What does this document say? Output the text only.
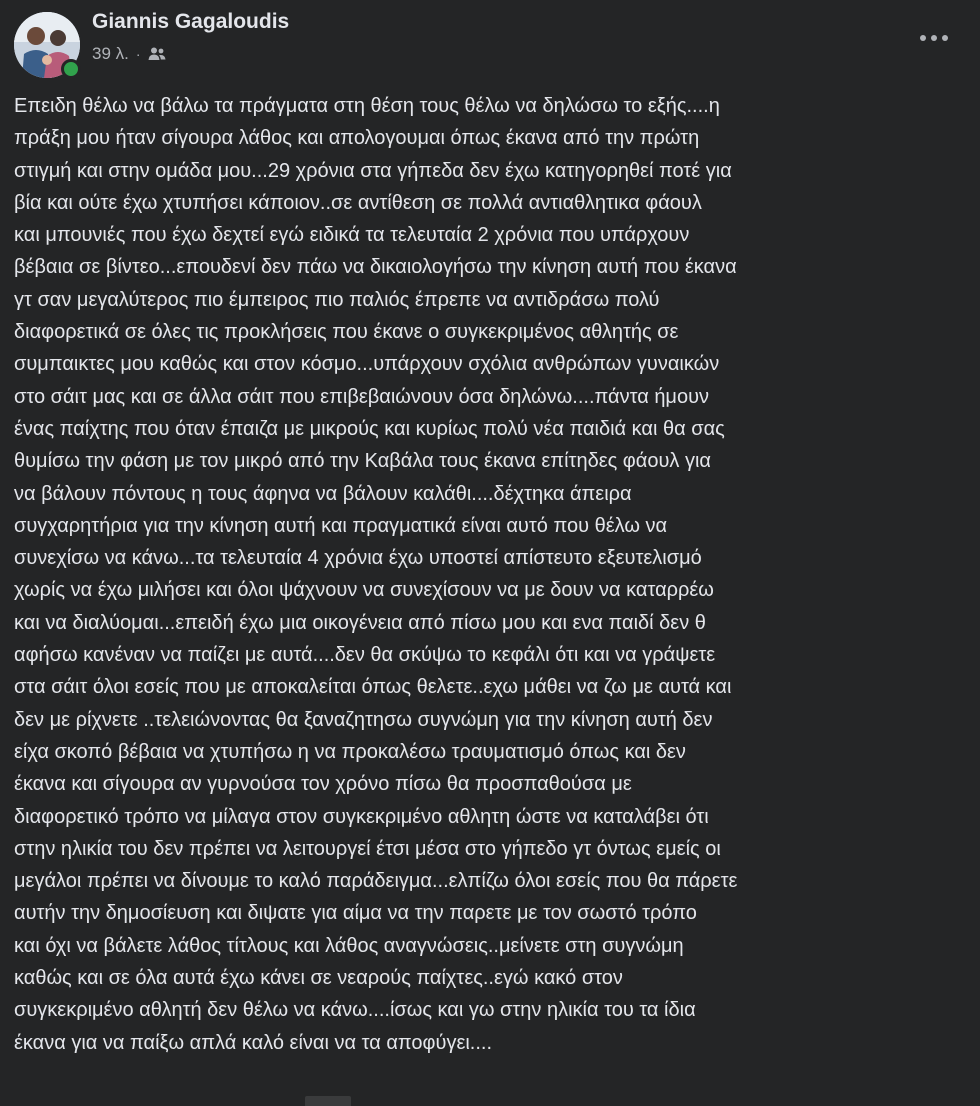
Giannis Gagaloudis
39 λ. ·
Επειδη θέλω να βάλω τα πράγματα στη θέση τους θέλω να δηλώσω το εξής....η
πράξη μου ήταν σίγουρα λάθος και απολογουμαι όπως έκανα από την πρώτη
στιγμή και στην ομάδα μου...29 χρόνια στα γήπεδα δεν έχω κατηγορηθεί ποτέ για
βία και ούτε έχω χτυπήσει κάποιον..σε αντίθεση σε πολλά αντιαθλητικα φάουλ
και μπουνιές που έχω δεχτεί εγώ ειδικά τα τελευταία 2 χρόνια που υπάρχουν
βέβαια σε βίντεο...επουδενί δεν πάω να δικαιολογήσω την κίνηση αυτή που έκανα
γτ σαν μεγαλύτερος πιο έμπειρος πιο παλιός έπρεπε να αντιδράσω πολύ
διαφορετικά σε όλες τις προκλήσεις που έκανε ο συγκεκριμένος αθλητής σε
συμπαικτες μου καθώς και στον κόσμο...υπάρχουν σχόλια ανθρώπων γυναικών
στο σάιτ μας και σε άλλα σάιτ που επιβεβαιώνουν όσα δηλώνω....πάντα ήμουν
ένας παίχτης που όταν έπαιζα με μικρούς και κυρίως πολύ νέα παιδιά και θα σας
θυμίσω την φάση με τον μικρό από την Καβάλα τους έκανα επίτηδες φάουλ για
να βάλουν πόντους η τους άφηνα να βάλουν καλάθι....δέχτηκα άπειρα
συγχαρητήρια για την κίνηση αυτή και πραγματικά είναι αυτό που θέλω να
συνεχίσω να κάνω...τα τελευταία 4 χρόνια έχω υποστεί απίστευτο εξευτελισμό
χωρίς να έχω μιλήσει και όλοι ψάχνουν να συνεχίσουν να με δουν να καταρρέω
και να διαλύομαι...επειδή έχω μια οικογένεια από πίσω μου και ενα παιδί δεν θ
αφήσω κανέναν να παίζει με αυτά....δεν θα σκύψω το κεφάλι ότι και να γράψετε
στα σάιτ όλοι εσείς που με αποκαλείται όπως θελετε..εχω μάθει να ζω με αυτά και
δεν με ρίχνετε ..τελειώνοντας θα ξαναζητησω συγνώμη για την κίνηση αυτή δεν
είχα σκοπό βέβαια να χτυπήσω η να προκαλέσω τραυματισμό όπως και δεν
έκανα και σίγουρα αν γυρνούσα τον χρόνο πίσω θα προσπαθούσα με
διαφορετικό τρόπο να μίλαγα στον συγκεκριμένο αθλητη ώστε να καταλάβει ότι
στην ηλικία του δεν πρέπει να λειτουργεί έτσι μέσα στο γήπεδο γτ όντως εμείς οι
μεγάλοι πρέπει να δίνουμε το καλό παράδειγμα...ελπίζω όλοι εσείς που θα πάρετε
αυτήν την δημοσίευση και διψατε για αίμα να την παρετε με τον σωστό τρόπο
και όχι να βάλετε λάθος τίτλους και λάθος αναγνώσεις..μείνετε στη συγνώμη
καθώς και σε όλα αυτά έχω κάνει σε νεαρούς παίχτες..εγώ κακό στον
συγκεκριμένο αθλητή δεν θέλω να κάνω....ίσως και γω στην ηλικία του τα ίδια
έκανα για να παίξω απλά καλό είναι να τα αποφύγει....
